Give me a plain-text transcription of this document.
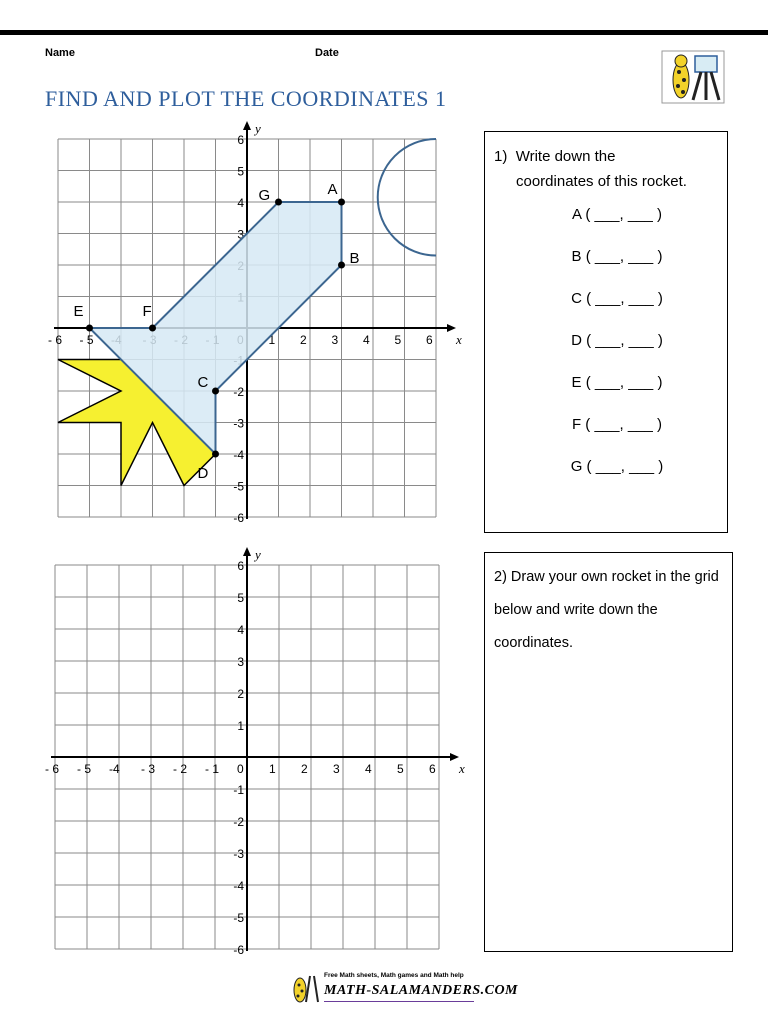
Name	Date
FIND AND PLOT THE COORDINATES 1
x
y
- 6 - 5	1 2 3 4 5 6
6
5
4
3
-2
-3
-4
-5
-6
A
B
C
D
E	F
G
x
y
- 6 - 5 -4 - 3 - 2 - 1 0 1 2 3 4 5 6
6
5
4
3
2
1
-1
-2
-3
-4
-5
-6
1) Write down the
coordinates of this rocket.
A ( ___, ___ )
B ( ___, ___ )
C ( ___, ___ )
D ( ___, ___ )
E ( ___, ___ )
F ( ___, ___ )
G ( ___, ___ )
2) Draw your own rocket in the grid below and write down the coordinates.
Free Math sheets, Math games and Math help
MATH-SALAMANDERS.COM
